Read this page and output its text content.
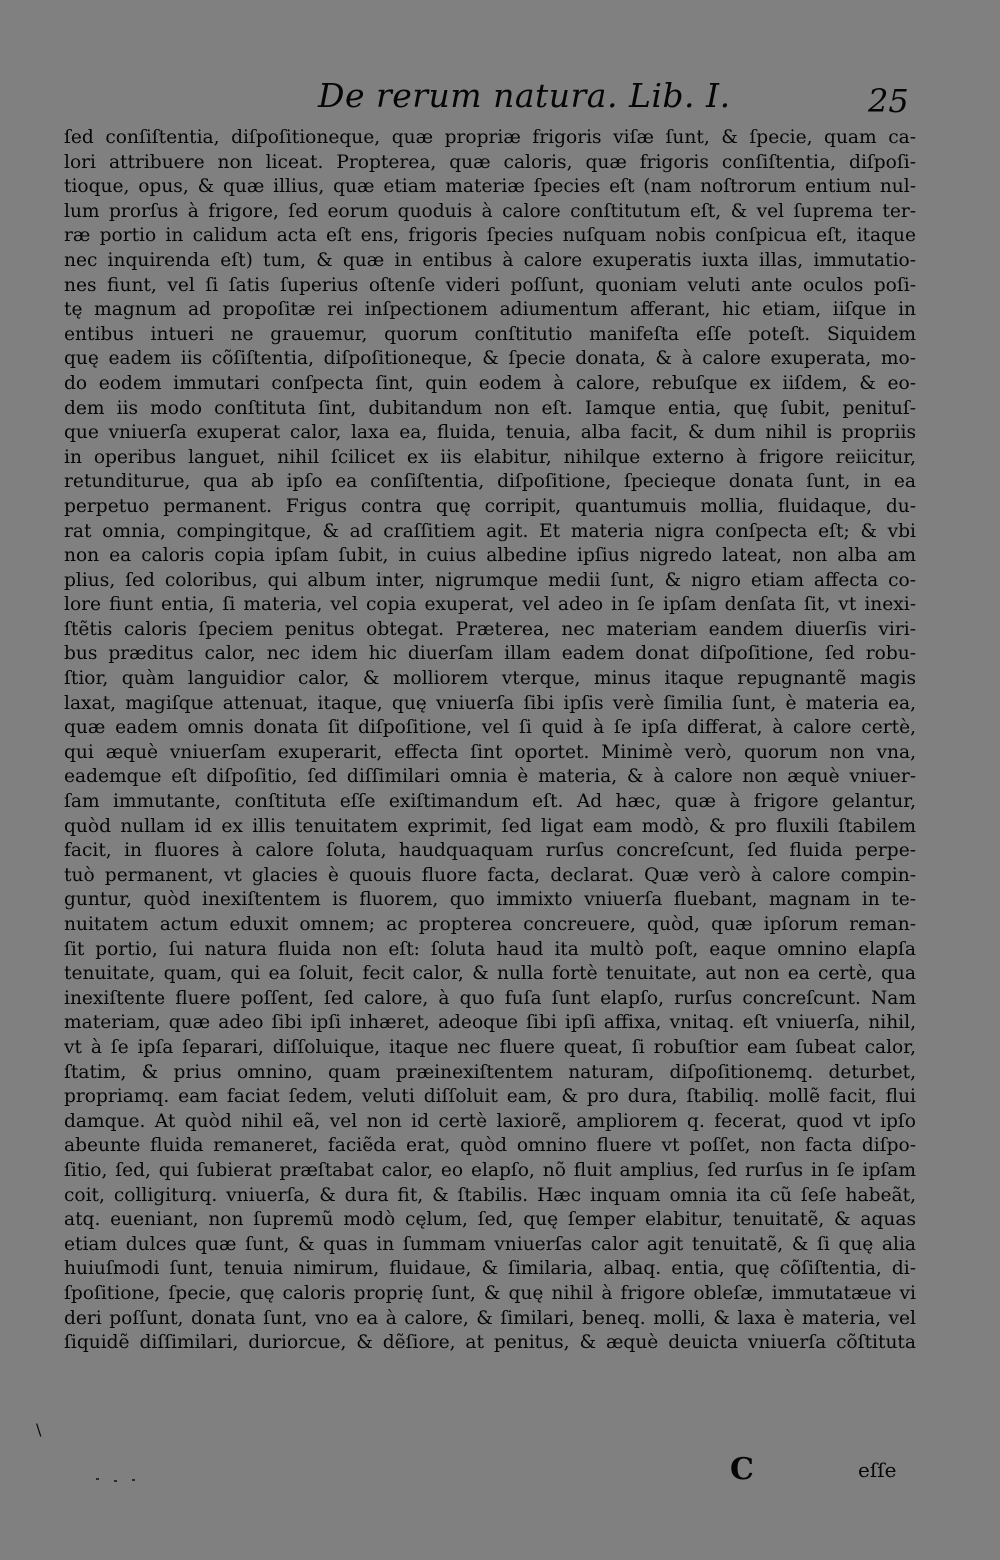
De rerum natura. Lib. I.	25
ſed conſiſtentia, diſpoſitioneque, quæ propriæ frigoris viſæ ſunt, & ſpecie, quam ca-
lori attribuere non liceat. Propterea, quæ caloris, quæ frigoris conſiſtentia, diſpoſi-
tioque, opus, & quæ illius, quæ etiam materiæ ſpecies eſt (nam noſtrorum entium nul-
lum prorſus à frigore, ſed eorum quoduis à calore conſtitutum eſt, & vel ſuprema ter-
ræ portio in calidum acta eſt ens, frigoris ſpecies nuſquam nobis conſpicua eſt, itaque
nec inquirenda eſt) tum, & quæ in entibus à calore exuperatis iuxta illas, immutatio-
nes fiunt, vel ſi ſatis ſuperius oſtenſe videri poſſunt, quoniam veluti ante oculos poſi-
tę magnum ad propoſitæ rei inſpectionem adiumentum afferant, hic etiam, iiſque in
entibus intueri ne grauemur, quorum conſtitutio manifeſta eſſe poteſt. Siquidem
quę eadem iis cõſiſtentia, diſpoſitioneque, & ſpecie donata, & à calore exuperata, mo-
do eodem immutari conſpecta ſint, quin eodem à calore, rebuſque ex iiſdem, & eo-
dem iis modo conſtituta ſint, dubitandum non eſt. Iamque entia, quę ſubit, penituſ-
que vniuerſa exuperat calor, laxa ea, fluida, tenuia, alba facit, & dum nihil is propriis
in operibus languet, nihil ſcilicet ex iis elabitur, nihilque externo à frigore reiicitur,
retunditurue, qua ab ipſo ea conſiſtentia, diſpoſitione, ſpecieque donata ſunt, in ea
perpetuo permanent. Frigus contra quę corripit, quantumuis mollia, fluidaque, du-
rat omnia, compingitque, & ad craſſitiem agit. Et materia nigra conſpecta eſt; & vbi
non ea caloris copia ipſam ſubit, in cuius albedine ipſius nigredo lateat, non alba am
plius, ſed coloribus, qui album inter, nigrumque medii ſunt, & nigro etiam affecta co-
lore fiunt entia, ſi materia, vel copia exuperat, vel adeo in ſe ipſam denſata ſit, vt inexi-
ſtẽtis caloris ſpeciem penitus obtegat. Præterea, nec materiam eandem diuerſis viri-
bus præditus calor, nec idem hic diuerſam illam eadem donat diſpoſitione, ſed robu-
ſtior, quàm languidior calor, & molliorem vterque, minus itaque repugnantẽ magis
laxat, magiſque attenuat, itaque, quę vniuerſa ſibi ipſis verè ſimilia ſunt, è materia ea,
quæ eadem omnis donata ſit diſpoſitione, vel ſi quid à ſe ipſa differat, à calore certè,
qui æquè vniuerſam exuperarit, effecta ſint oportet. Minimè verò, quorum non vna,
eademque eſt diſpoſitio, ſed diſſimilari omnia è materia, & à calore non æquè vniuer-
ſam immutante, conſtituta eſſe exiſtimandum eſt. Ad hæc, quæ à frigore gelantur,
quòd nullam id ex illis tenuitatem exprimit, ſed ligat eam modò, & pro fluxili ſtabilem
facit, in fluores à calore ſoluta, haudquaquam rurſus concreſcunt, ſed fluida perpe-
tuò permanent, vt glacies è quouis fluore facta, declarat. Quæ verò à calore compin-
guntur, quòd inexiſtentem is fluorem, quo immixto vniuerſa fluebant, magnam in te-
nuitatem actum eduxit omnem; ac propterea concreuere, quòd, quæ ipſorum reman-
ſit portio, ſui natura fluida non eſt: ſoluta haud ita multò poſt, eaque omnino elapſa
tenuitate, quam, qui ea ſoluit, fecit calor, & nulla fortè tenuitate, aut non ea certè, qua
inexiſtente fluere poſſent, ſed calore, à quo fuſa ſunt elapſo, rurſus concreſcunt. Nam
materiam, quæ adeo ſibi ipſi inhæret, adeoque ſibi ipſi affixa, vnitaq. eſt vniuerſa, nihil,
vt à ſe ipſa ſeparari, diſſoluique, itaque nec fluere queat, ſi robuſtior eam ſubeat calor,
ſtatim, & prius omnino, quam præinexiſtentem naturam, diſpoſitionemq. deturbet,
propriamq. eam faciat ſedem, veluti diſſoluit eam, & pro dura, ſtabiliq. mollẽ facit, flui
damque. At quòd nihil eã, vel non id certè laxiorẽ, ampliorem q. fecerat, quod vt ipſo
abeunte fluida remaneret, faciẽda erat, quòd omnino fluere vt poſſet, non facta diſpo-
ſitio, ſed, qui ſubierat præſtabat calor, eo elapſo, nõ fluit amplius, ſed rurſus in ſe ipſam
coit, colligiturq. vniuerſa, & dura fit, & ſtabilis. Hæc inquam omnia ita cũ ſeſe habeãt,
atq. eueniant, non ſupremũ modò cęlum, ſed, quę ſemper elabitur, tenuitatẽ, & aquas
etiam dulces quæ ſunt, & quas in ſummam vniuerſas calor agit tenuitatẽ, & ſi quę alia
huiuſmodi ſunt, tenuia nimirum, fluidaue, & ſimilaria, albaq. entia, quę cõſiſtentia, di-
ſpoſitione, ſpecie, quę caloris proprię ſunt, & quę nihil à frigore obleſæ, immutatæue vi
deri poſſunt, donata ſunt, vno ea à calore, & ſimilari, beneq. molli, & laxa è materia, vel
ſiquidẽ diſſimilari, duriorcue, & dẽſiore, at penitus, & æquè deuicta vniuerſa cõſtituta
\
C	eſſe
